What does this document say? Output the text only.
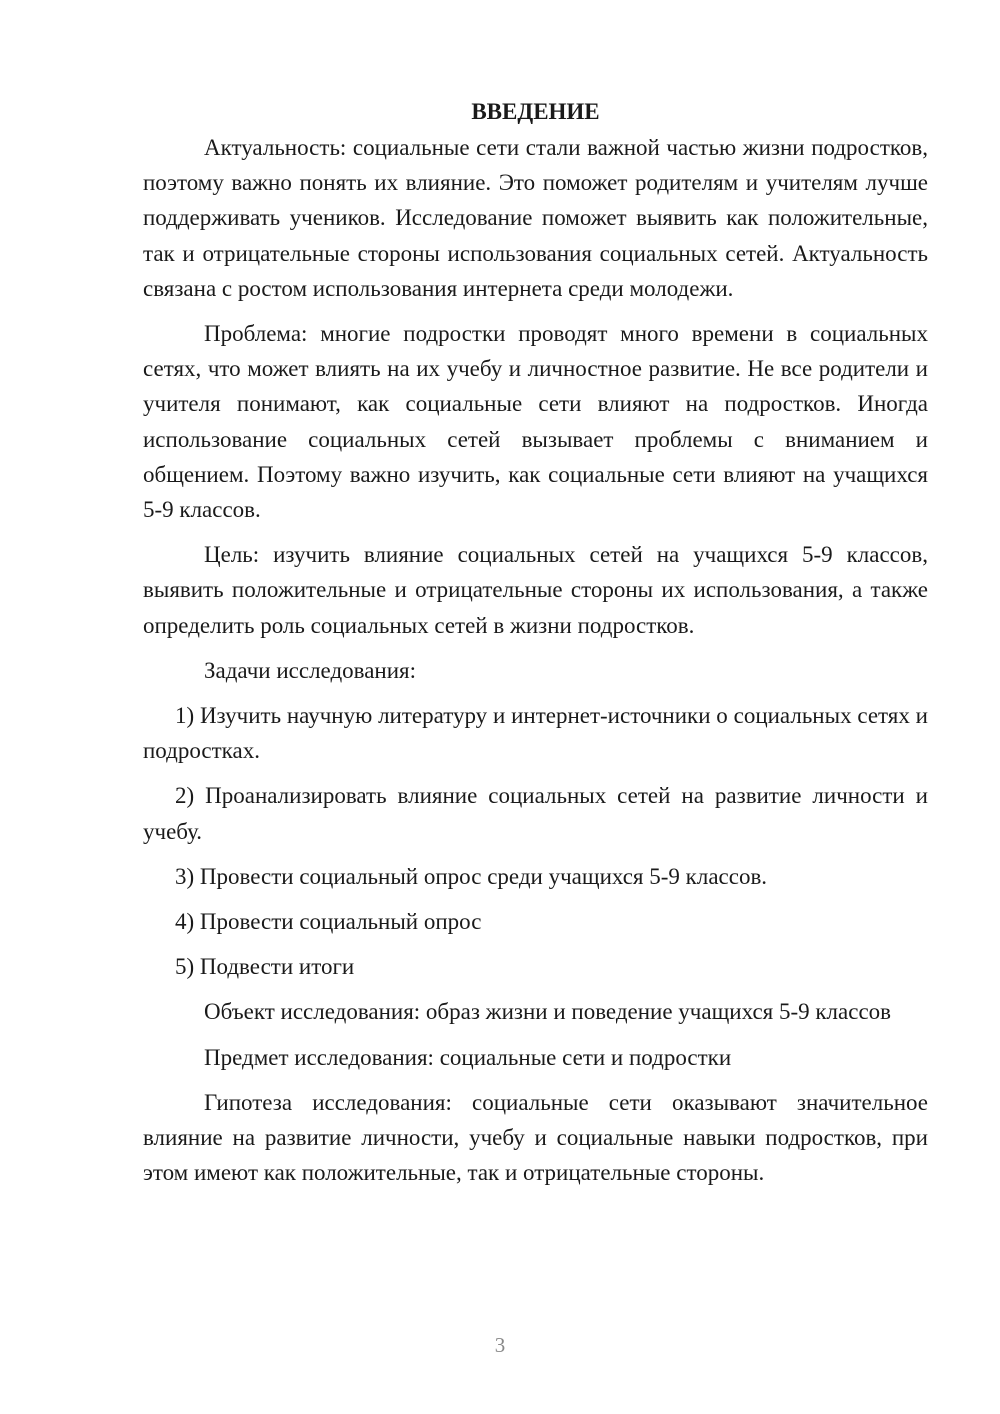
ВВЕДЕНИЕ

Актуальность: социальные сети стали важной частью жизни подростков, поэтому важно понять их влияние. Это поможет родителям и учителям лучше поддерживать учеников. Исследование поможет выявить как положительные, так и отрицательные стороны использования социальных сетей. Актуальность связана с ростом использования интернета среди молодежи.

Проблема: многие подростки проводят много времени в социальных сетях, что может влиять на их учебу и личностное развитие. Не все родители и учителя понимают, как социальные сети влияют на подростков. Иногда использование социальных сетей вызывает проблемы с вниманием и общением. Поэтому важно изучить, как социальные сети влияют на учащихся 5-9 классов.

Цель: изучить влияние социальных сетей на учащихся 5-9 классов, выявить положительные и отрицательные стороны их использования, а также определить роль социальных сетей в жизни подростков.

Задачи исследования:

1) Изучить научную литературу и интернет-источники о социальных сетях и подростках.

2) Проанализировать влияние социальных сетей на развитие личности и учебу.

3) Провести социальный опрос среди учащихся 5-9 классов.

4) Провести социальный опрос

5) Подвести итоги

Объект исследования: образ жизни и поведение учащихся 5-9 классов

Предмет исследования: социальные сети и подростки

Гипотеза исследования: социальные сети оказывают значительное влияние на развитие личности, учебу и социальные навыки подростков, при этом имеют как положительные, так и отрицательные стороны.

3
